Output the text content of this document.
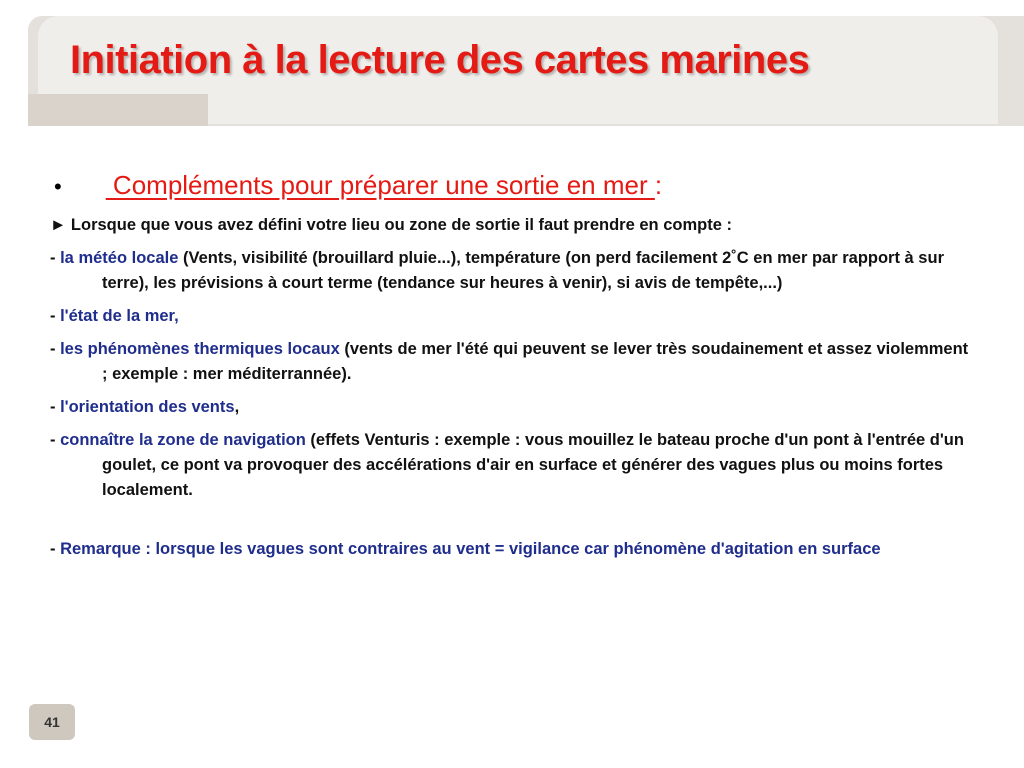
Initiation à la lecture des cartes marines
• Compléments pour préparer une sortie en mer :
► Lorsque que vous avez défini votre lieu ou zone de sortie il faut prendre en compte :
- la météo locale (Vents, visibilité (brouillard pluie...), température (on perd facilement 2˚C en mer par rapport à sur terre), les prévisions à court terme (tendance sur heures à venir), si avis de tempête,...)
- l'état de la mer,
- les phénomènes thermiques locaux (vents de mer l'été qui peuvent se lever très soudainement et assez violemment ; exemple : mer méditerrannée).
- l'orientation des vents,
- connaître la zone de navigation (effets Venturis : exemple : vous mouillez le bateau proche d'un pont à l'entrée d'un goulet, ce pont va provoquer des accélérations d'air en surface et générer des vagues plus ou moins fortes localement.
- Remarque : lorsque les vagues sont contraires au vent = vigilance car phénomène d'agitation en surface
41
